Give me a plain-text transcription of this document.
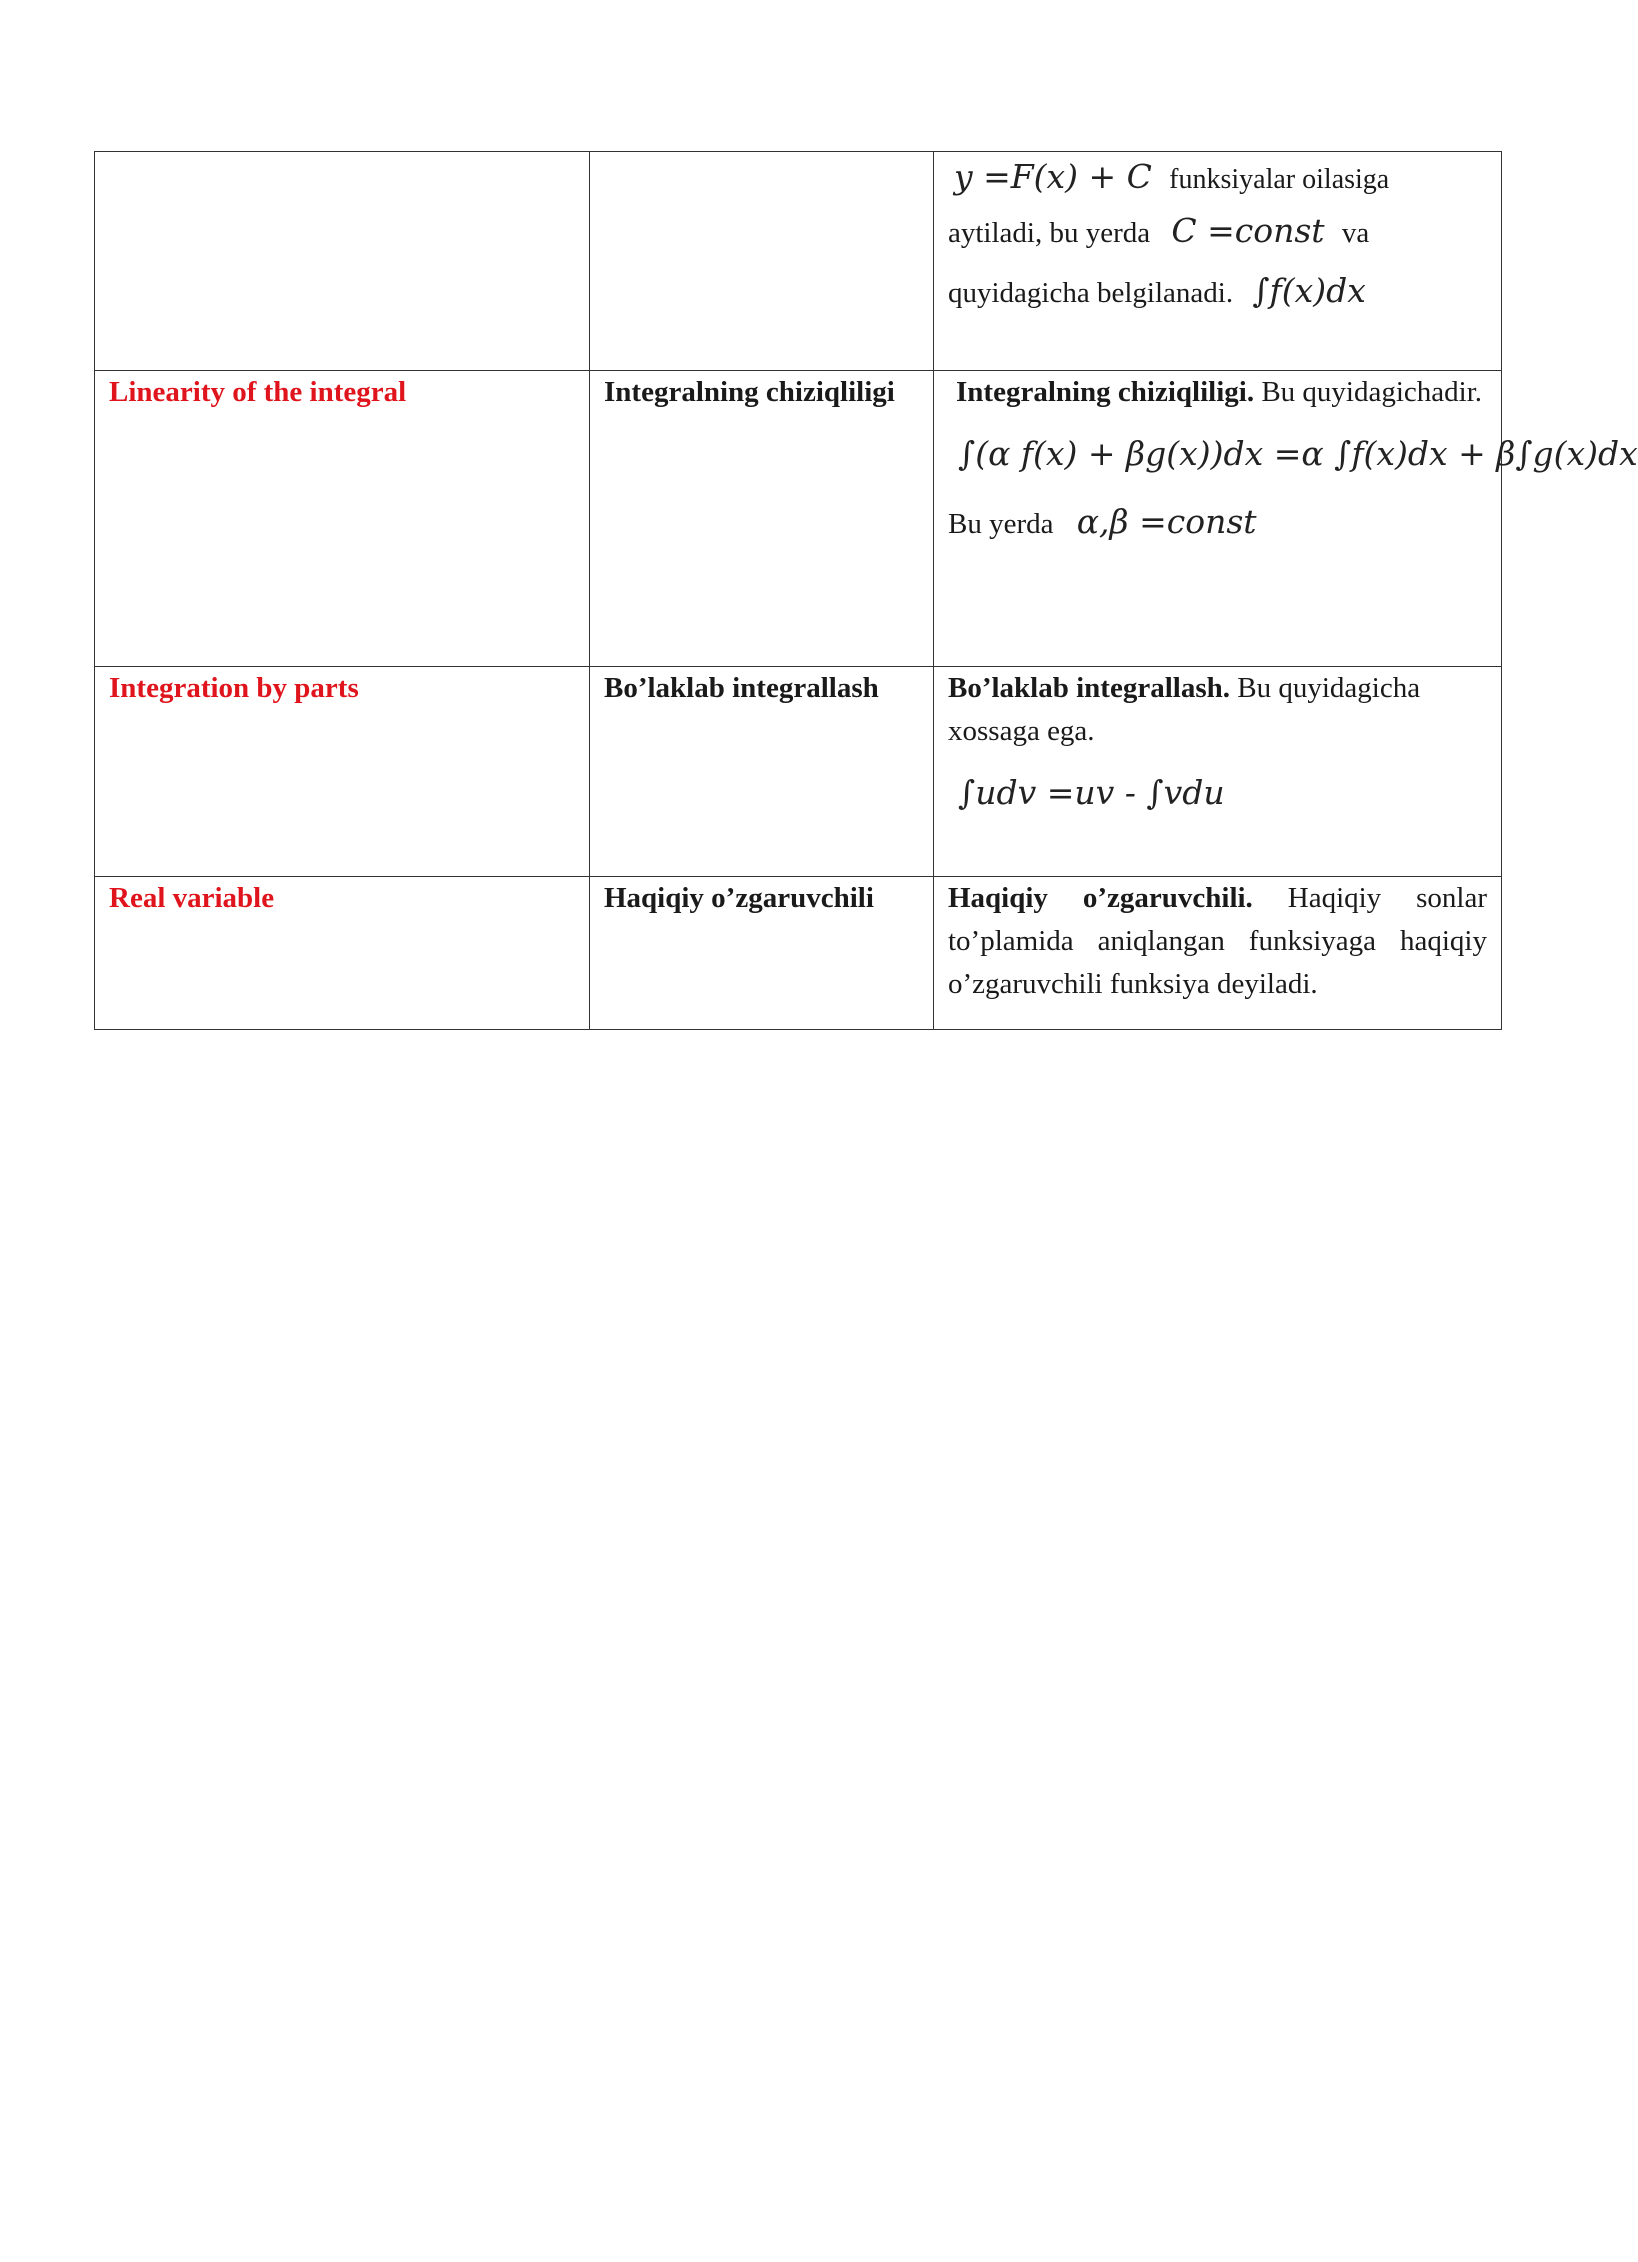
		y =F(x) + C funksiyalar oilasiga
aytiladi, bu yerda C =const va
quyidagicha belgilanadi. ∫f(x)dx

Linearity of the integral	Integralning chiziqliligi	Integralning chiziqliligi. Bu quyidagichadir.
∫(α f(x) + βg(x))dx =α ∫f(x)dx + β∫g(x)dx
Bu yerda α,β =const

Integration by parts	Bo’laklab integrallash	Bo’laklab integrallash. Bu quyidagicha xossaga ega.
∫udv =uv - ∫vdu

Real variable	Haqiqiy o’zgaruvchili	Haqiqiy o’zgaruvchili. Haqiqiy sonlar to’plamida aniqlangan funksiyaga haqiqiy o’zgaruvchili funksiya deyiladi.
